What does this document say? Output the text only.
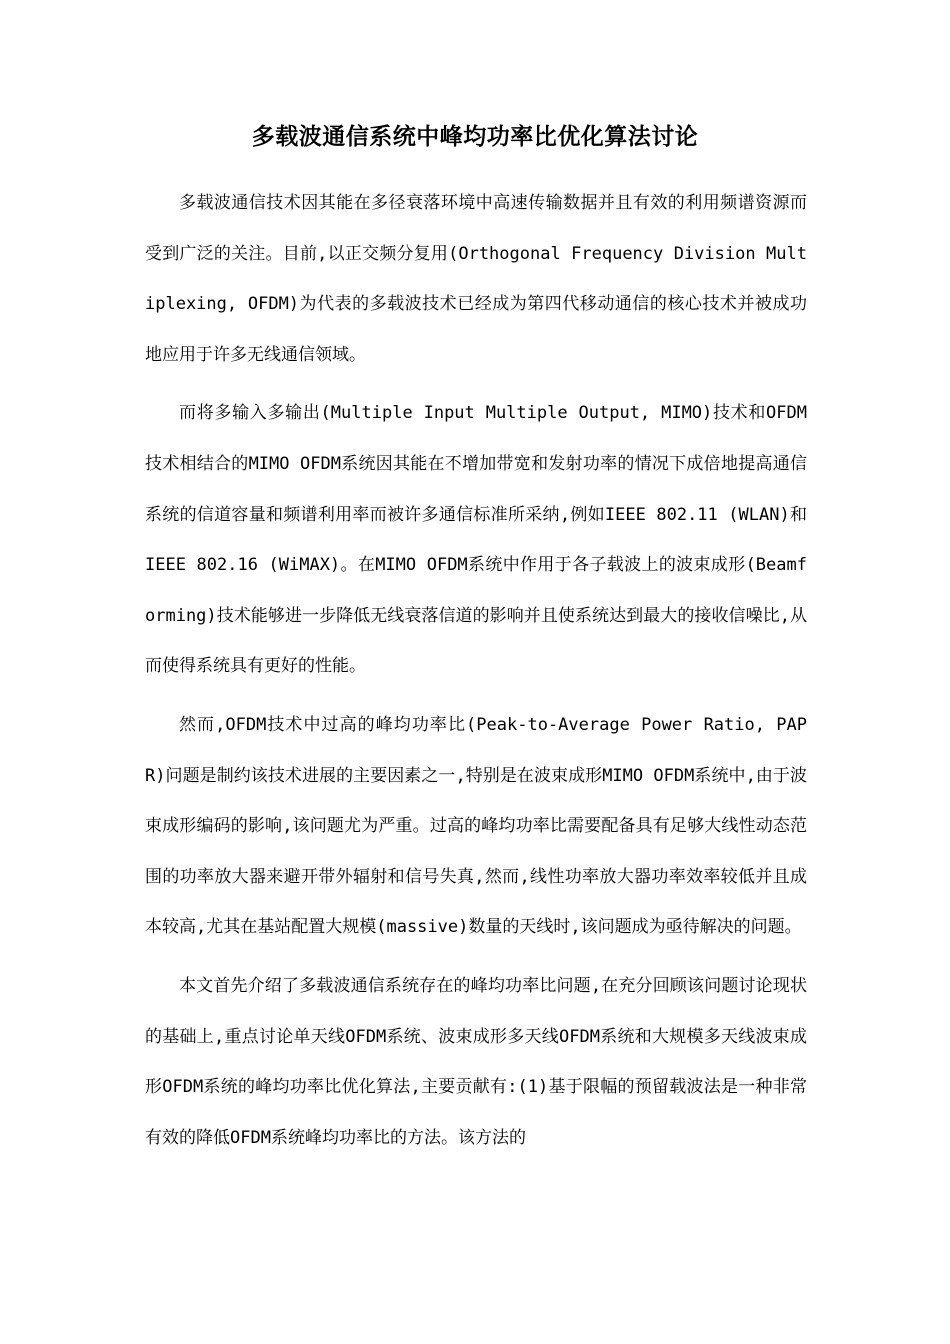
多载波通信系统中峰均功率比优化算法讨论

多载波通信技术因其能在多径衰落环境中高速传输数据并且有效的利用频谱资源而受到广泛的关注。目前,以正交频分复用(Orthogonal Frequency Division Multiplexing, OFDM)为代表的多载波技术已经成为第四代移动通信的核心技术并被成功地应用于许多无线通信领域。

而将多输入多输出(Multiple Input Multiple Output, MIMO)技术和OFDM技术相结合的MIMO OFDM系统因其能在不增加带宽和发射功率的情况下成倍地提高通信系统的信道容量和频谱利用率而被许多通信标准所采纳,例如IEEE 802.11 (WLAN)和IEEE 802.16 (WiMAX)。在MIMO OFDM系统中作用于各子载波上的波束成形(Beamforming)技术能够进一步降低无线衰落信道的影响并且使系统达到最大的接收信噪比,从而使得系统具有更好的性能。

然而,OFDM技术中过高的峰均功率比(Peak-to-Average Power Ratio, PAPR)问题是制约该技术进展的主要因素之一,特别是在波束成形MIMO OFDM系统中,由于波束成形编码的影响,该问题尤为严重。过高的峰均功率比需要配备具有足够大线性动态范围的功率放大器来避开带外辐射和信号失真,然而,线性功率放大器功率效率较低并且成本较高,尤其在基站配置大规模(massive)数量的天线时,该问题成为亟待解决的问题。

本文首先介绍了多载波通信系统存在的峰均功率比问题,在充分回顾该问题讨论现状的基础上,重点讨论单天线OFDM系统、波束成形多天线OFDM系统和大规模多天线波束成形OFDM系统的峰均功率比优化算法,主要贡献有:(1)基于限幅的预留载波法是一种非常有效的降低OFDM系统峰均功率比的方法。该方法的
